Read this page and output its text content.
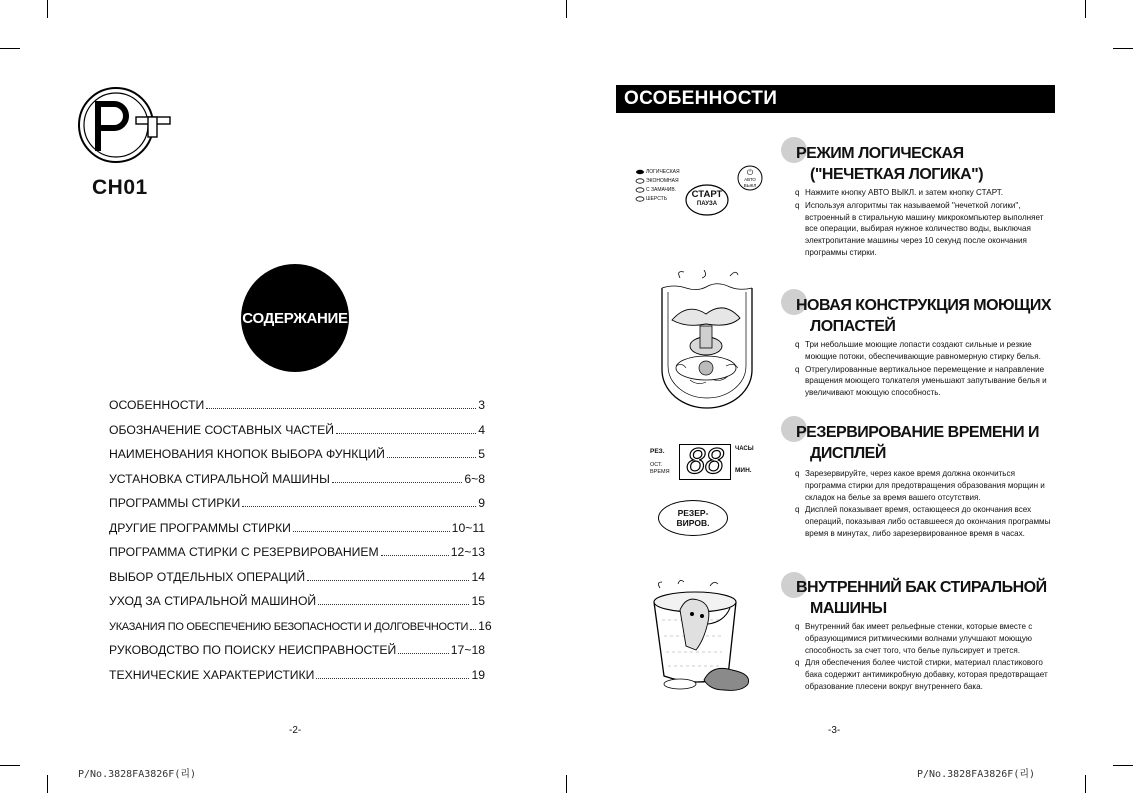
CH01
СОДЕРЖАНИЕ
ОСОБЕННОСТИ	3
ОБОЗНАЧЕНИЕ СОСТАВНЫХ ЧАСТЕЙ	4
НАИМЕНОВАНИЯ КНОПОК ВЫБОРА ФУНКЦИЙ	5
УСТАНОВКА СТИРАЛЬНОЙ МАШИНЫ	6~8
ПРОГРАММЫ СТИРКИ	9
ДРУГИЕ ПРОГРАММЫ СТИРКИ	10~11
ПРОГРАММА СТИРКИ С РЕЗЕРВИРОВАНИЕМ	12~13
ВЫБОР ОТДЕЛЬНЫХ ОПЕРАЦИЙ	14
УХОД ЗА СТИРАЛЬНОЙ МАШИНОЙ	15
УКАЗАНИЯ ПО ОБЕСПЕЧЕНИЮ БЕЗОПАСНОСТИ И ДОЛГОВЕЧНОСТИ 16
РУКОВОДСТВО ПО ПОИСКУ НЕИСПРАВНОСТЕЙ	17~18
ТЕХНИЧЕСКИЕ ХАРАКТЕРИСТИКИ	19
-2-
P/No.3828FA3826F(리)
ОСОБЕННОСТИ
РЕЖИМ ЛОГИЧЕСКАЯ
("НЕЧЕТКАЯ ЛОГИКА")
q Нажмите кнопку АВТО ВЫКЛ. и затем кнопку СТАРТ.
q Используя алгоритмы так называемой "нечеткой логики", встроенный в стиральную машину микрокомпьютер выполняет все операции, выбирая нужное количество воды, выключая электропитание машины через 10 секунд после окончания программы стирки.
НОВАЯ КОНСТРУКЦИЯ МОЮЩИХ
ЛОПАСТЕЙ
q Три небольшие моющие лопасти создают сильные и резкие моющие потоки, обеспечивающие равномерную стирку белья.
q Отрегулированные вертикальное перемещение и направление вращения моющего толкателя уменьшают запутывание белья и увеличивают моющую способность.
РЕЗЕРВИРОВАНИЕ ВРЕМЕНИ И
ДИСПЛЕЙ
q Зарезервируйте, через какое время должна окончиться программа стирки для предотвращения образования морщин и складок на белье за время вашего отсутствия.
q Дисплей показывает время, остающееся до окончания всех операций, показывая либо оставшееся до окончания программы время в минутах, либо зарезервированное время в часах.
ВНУТРЕННИЙ БАК СТИРАЛЬНОЙ
МАШИНЫ
q Внутренний бак имеет рельефные стенки, которые вместе с образующимися ритмическими волнами улучшают моющую способность за счет того, что белье пульсирует и трется.
q Для обеспечения более чистой стирки, материал пластикового бака содержит антимикробную добавку, которая предотвращает образование плесени вокруг внутреннего бака.
ЛОГИЧЕСКАЯ
ЭКОНОМНАЯ
С ЗАМАЧИВ.
ШЕРСТЬ	СТАРТ
ПАУЗА
⏻
АВТО ВЫКЛ
РЕЗ.
ОСТ.
ВРЕМЯ 88	ЧАСЫ
МИН.
РЕЗЕР-
ВИРОВ.
-3-
P/No.3828FA3826F(리)
